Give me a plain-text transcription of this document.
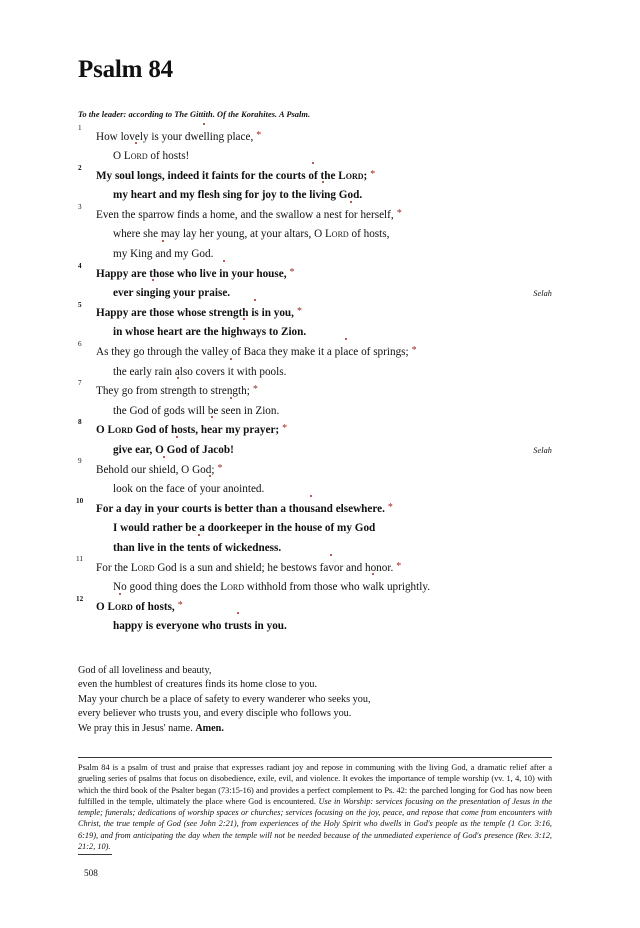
Psalm 84

To the leader: according to The Gittith. Of the Korahites. A Psalm.

1
How lovely is your dwelling place, *
O Lord of hosts!
2
My soul longs, indeed it faints for the courts of the Lord; *
my heart and my flesh sing for joy to the living God.
3
Even the sparrow finds a home, and the swallow a nest for herself, *
where she may lay her young, at your altars, O Lord of hosts,
my King and my God.
4
Happy are those who live in your house, *
ever singing your praise.	Selah
5
Happy are those whose strength is in you, *
in whose heart are the highways to Zion.
6
As they go through the valley of Baca they make it a place of springs; *
the early rain also covers it with pools.
7
They go from strength to strength; *
the God of gods will be seen in Zion.
8
O Lord God of hosts, hear my prayer; *
give ear, O God of Jacob!	Selah
9
Behold our shield, O God; *
look on the face of your anointed.
10
For a day in your courts is better than a thousand elsewhere. *
I would rather be a doorkeeper in the house of my God
than live in the tents of wickedness.
11
For the Lord God is a sun and shield; he bestows favor and honor. *
No good thing does the Lord withhold from those who walk uprightly.
12
O Lord of hosts, *
happy is everyone who trusts in you.
God of all loveliness and beauty,
even the humblest of creatures finds its home close to you.
May your church be a place of safety to every wanderer who seeks you,
every believer who trusts you, and every disciple who follows you.
We pray this in Jesus' name. Amen.
Psalm 84 is a psalm of trust and praise that expresses radiant joy and repose in communing with the living God, a dramatic relief after a grueling series of psalms that focus on disobedience, exile, evil, and violence. It evokes the importance of temple worship (vv. 1, 4, 10) with which the third book of the Psalter began (73:15-16) and provides a perfect complement to Ps. 42: the parched longing for God has now been fulfilled in the temple, ultimately the place where God is encountered. Use in Worship: services focusing on the presentation of Jesus in the temple; funerals; dedications of worship spaces or churches; services focusing on the joy, peace, and repose that come from encounters with Christ, the true temple of God (see John 2:21), from experiences of the Holy Spirit who dwells in God's people as the temple (1 Cor. 3:16, 6:19), and from anticipating the day when the temple will not be needed because of the unmediated experience of God's presence (Rev. 3:12, 21:2, 10).
508
